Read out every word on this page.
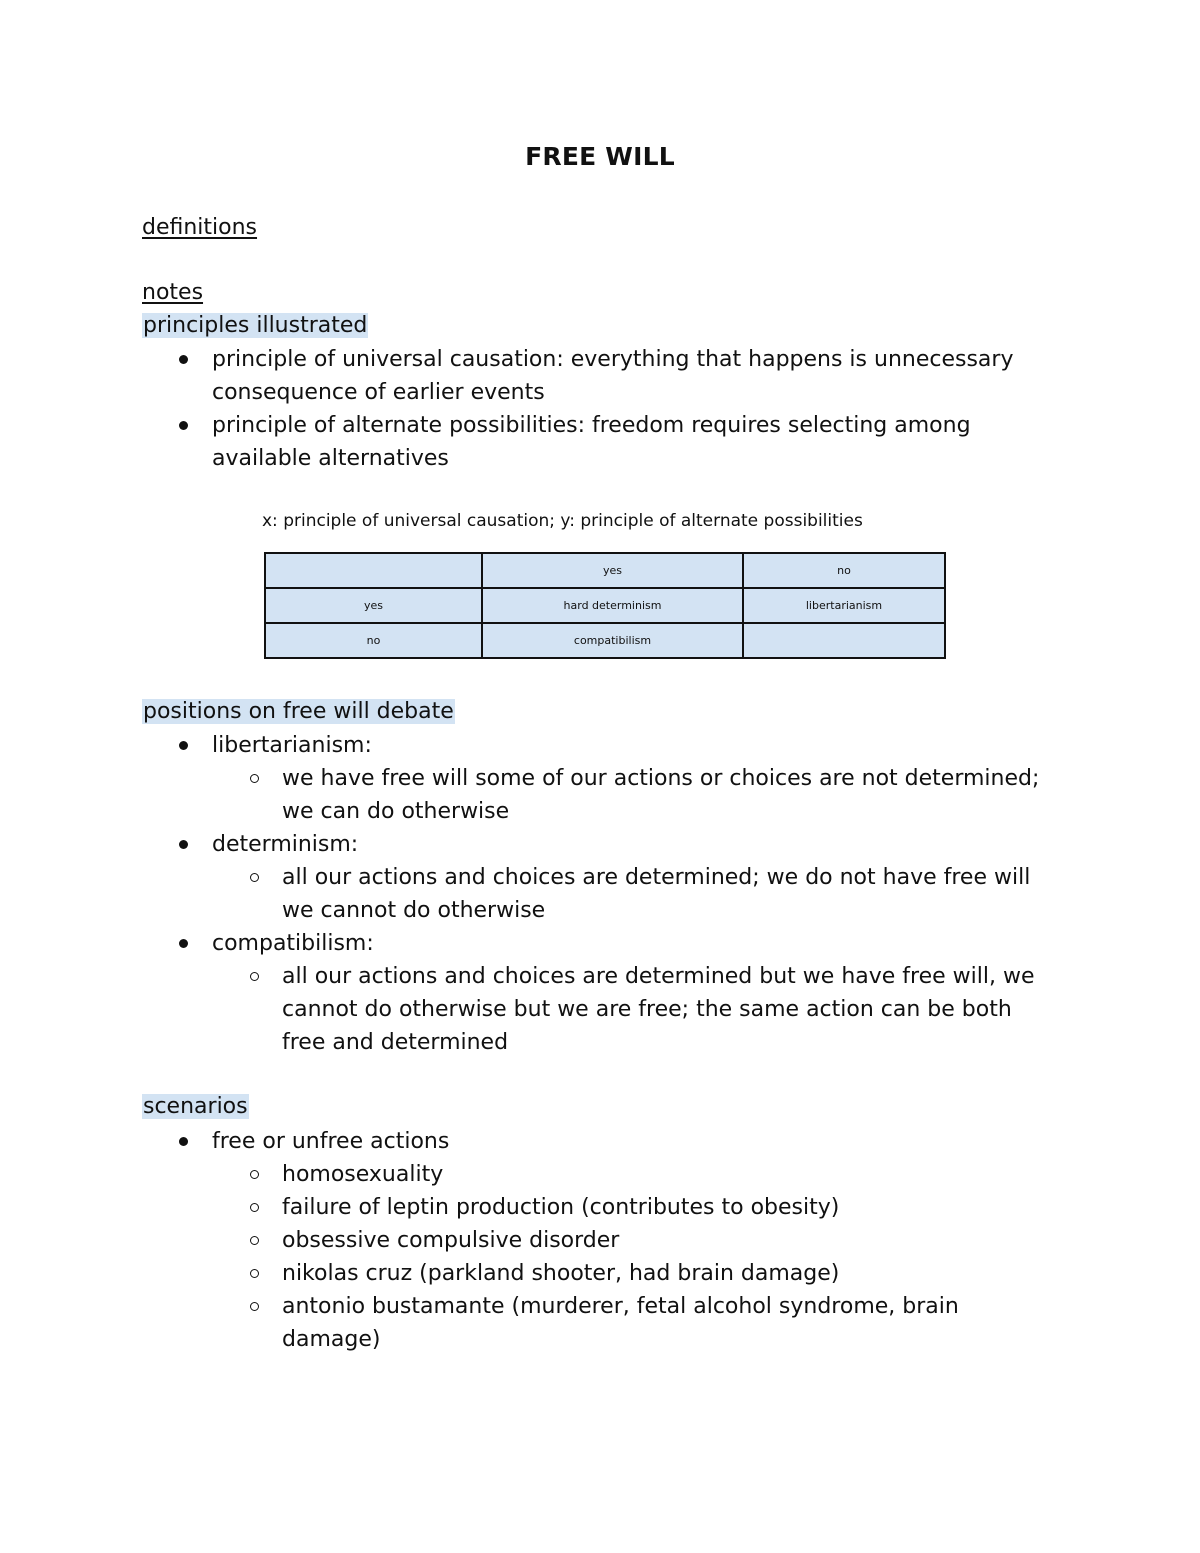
FREE WILL
definitions
notes
principles illustrated
principle of universal causation: everything that happens is unnecessary consequence of earlier events
principle of alternate possibilities: freedom requires selecting among available alternatives
x: principle of universal causation; y: principle of alternate possibilities
	yes	no
yes	hard determinism	libertarianism
no	compatibilism	
positions on free will debate
libertarianism:
we have free will some of our actions or choices are not determined; we can do otherwise
determinism:
all our actions and choices are determined; we do not have free will we cannot do otherwise
compatibilism:
all our actions and choices are determined but we have free will, we cannot do otherwise but we are free; the same action can be both free and determined
scenarios
free or unfree actions
homosexuality
failure of leptin production (contributes to obesity)
obsessive compulsive disorder
nikolas cruz (parkland shooter, had brain damage)
antonio bustamante (murderer, fetal alcohol syndrome, brain damage)
